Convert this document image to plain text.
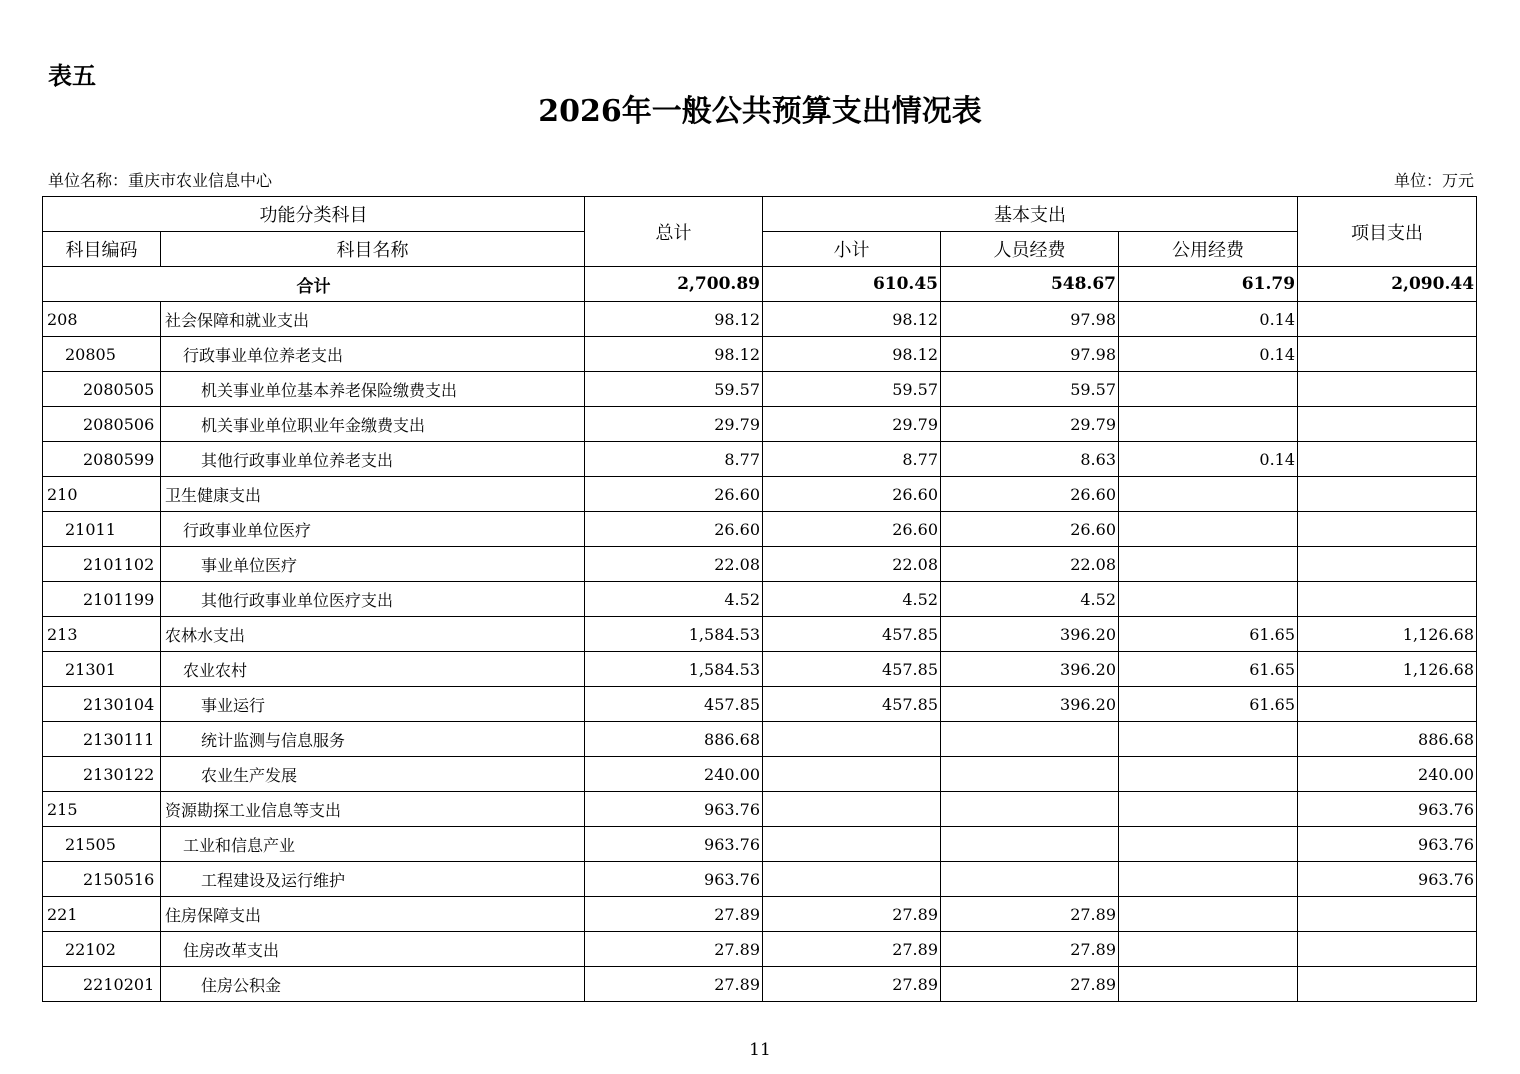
表五
2026年一般公共预算支出情况表
单位名称：重庆市农业信息中心	单位：万元
功能分类科目		总计	基本支出			项目支出
科目编码	科目名称		小计	人员经费	公用经费	
合计		2,700.89	610.45	548.67	61.79	2,090.44
208	社会保障和就业支出	98.12	98.12	97.98	0.14	
20805	行政事业单位养老支出	98.12	98.12	97.98	0.14	
2080505	机关事业单位基本养老保险缴费支出	59.57	59.57	59.57		
2080506	机关事业单位职业年金缴费支出	29.79	29.79	29.79		
2080599	其他行政事业单位养老支出	8.77	8.77	8.63	0.14	
210	卫生健康支出	26.60	26.60	26.60		
21011	行政事业单位医疗	26.60	26.60	26.60		
2101102	事业单位医疗	22.08	22.08	22.08		
2101199	其他行政事业单位医疗支出	4.52	4.52	4.52		
213	农林水支出	1,584.53	457.85	396.20	61.65	1,126.68
21301	农业农村	1,584.53	457.85	396.20	61.65	1,126.68
2130104	事业运行	457.85	457.85	396.20	61.65	
2130111	统计监测与信息服务	886.68				886.68
2130122	农业生产发展	240.00				240.00
215	资源勘探工业信息等支出	963.76				963.76
21505	工业和信息产业	963.76				963.76
2150516	工程建设及运行维护	963.76				963.76
221	住房保障支出	27.89	27.89	27.89		
22102	住房改革支出	27.89	27.89	27.89		
2210201	住房公积金	27.89	27.89	27.89		
11
